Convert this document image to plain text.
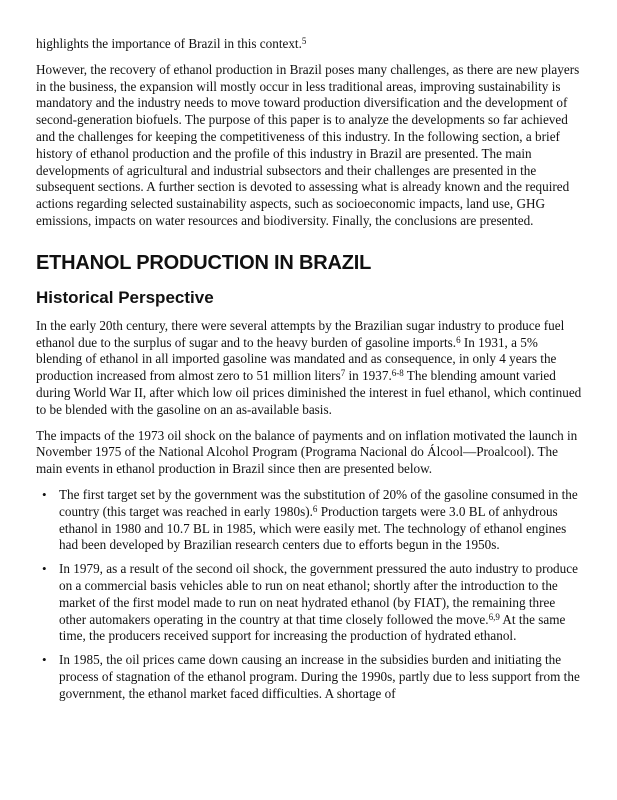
highlights the importance of Brazil in this context.$^5$

However, the recovery of ethanol production in Brazil poses many challenges, as there are new players in the business, the expansion will mostly occur in less traditional areas, improving sustainability is mandatory and the industry needs to move toward production diversification and the development of second-generation biofuels. The purpose of this paper is to analyze the developments so far achieved and the challenges for keeping the competitiveness of this industry. In the following section, a brief history of ethanol production and the profile of this industry in Brazil are presented. The main developments of agricultural and industrial subsectors and their challenges are presented in the subsequent sections. A further section is devoted to assessing what is already known and the required actions regarding selected sustainability aspects, such as socioeconomic impacts, land use, GHG emissions, impacts on water resources and biodiversity. Finally, the conclusions are presented.

ETHANOL PRODUCTION IN BRAZIL
Historical Perspective

In the early 20th century, there were several attempts by the Brazilian sugar industry to produce fuel ethanol due to the surplus of sugar and to the heavy burden of gasoline imports.$^6$ In 1931, a 5% blending of ethanol in all imported gasoline was mandated and as consequence, in only 4 years the production increased from almost zero to 51 million liters$^7$ in 1937.$^{6-8}$ The blending amount varied during World War II, after which low oil prices diminished the interest in fuel ethanol, which continued to be blended with the gasoline on an as-available basis.

The impacts of the 1973 oil shock on the balance of payments and on inflation motivated the launch in November 1975 of the National Alcohol Program (Programa Nacional do Álcool—Proalcool). The main events in ethanol production in Brazil since then are presented below.

• The first target set by the government was the substitution of 20% of the gasoline consumed in the country (this target was reached in early 1980s).$^6$ Production targets were 3.0 BL of anhydrous ethanol in 1980 and 10.7 BL in 1985, which were easily met. The technology of ethanol engines had been developed by Brazilian research centers due to efforts begun in the 1950s.
• In 1979, as a result of the second oil shock, the government pressured the auto industry to produce on a commercial basis vehicles able to run on neat ethanol; shortly after the introduction to the market of the first model made to run on neat hydrated ethanol (by FIAT), the remaining three other automakers operating in the country at that time closely followed the move.$^{6,9}$ At the same time, the producers received support for increasing the production of hydrated ethanol.
• In 1985, the oil prices came down causing an increase in the subsidies burden and initiating the process of stagnation of the ethanol program. During the 1990s, partly due to less support from the government, the ethanol market faced difficulties. A shortage of
